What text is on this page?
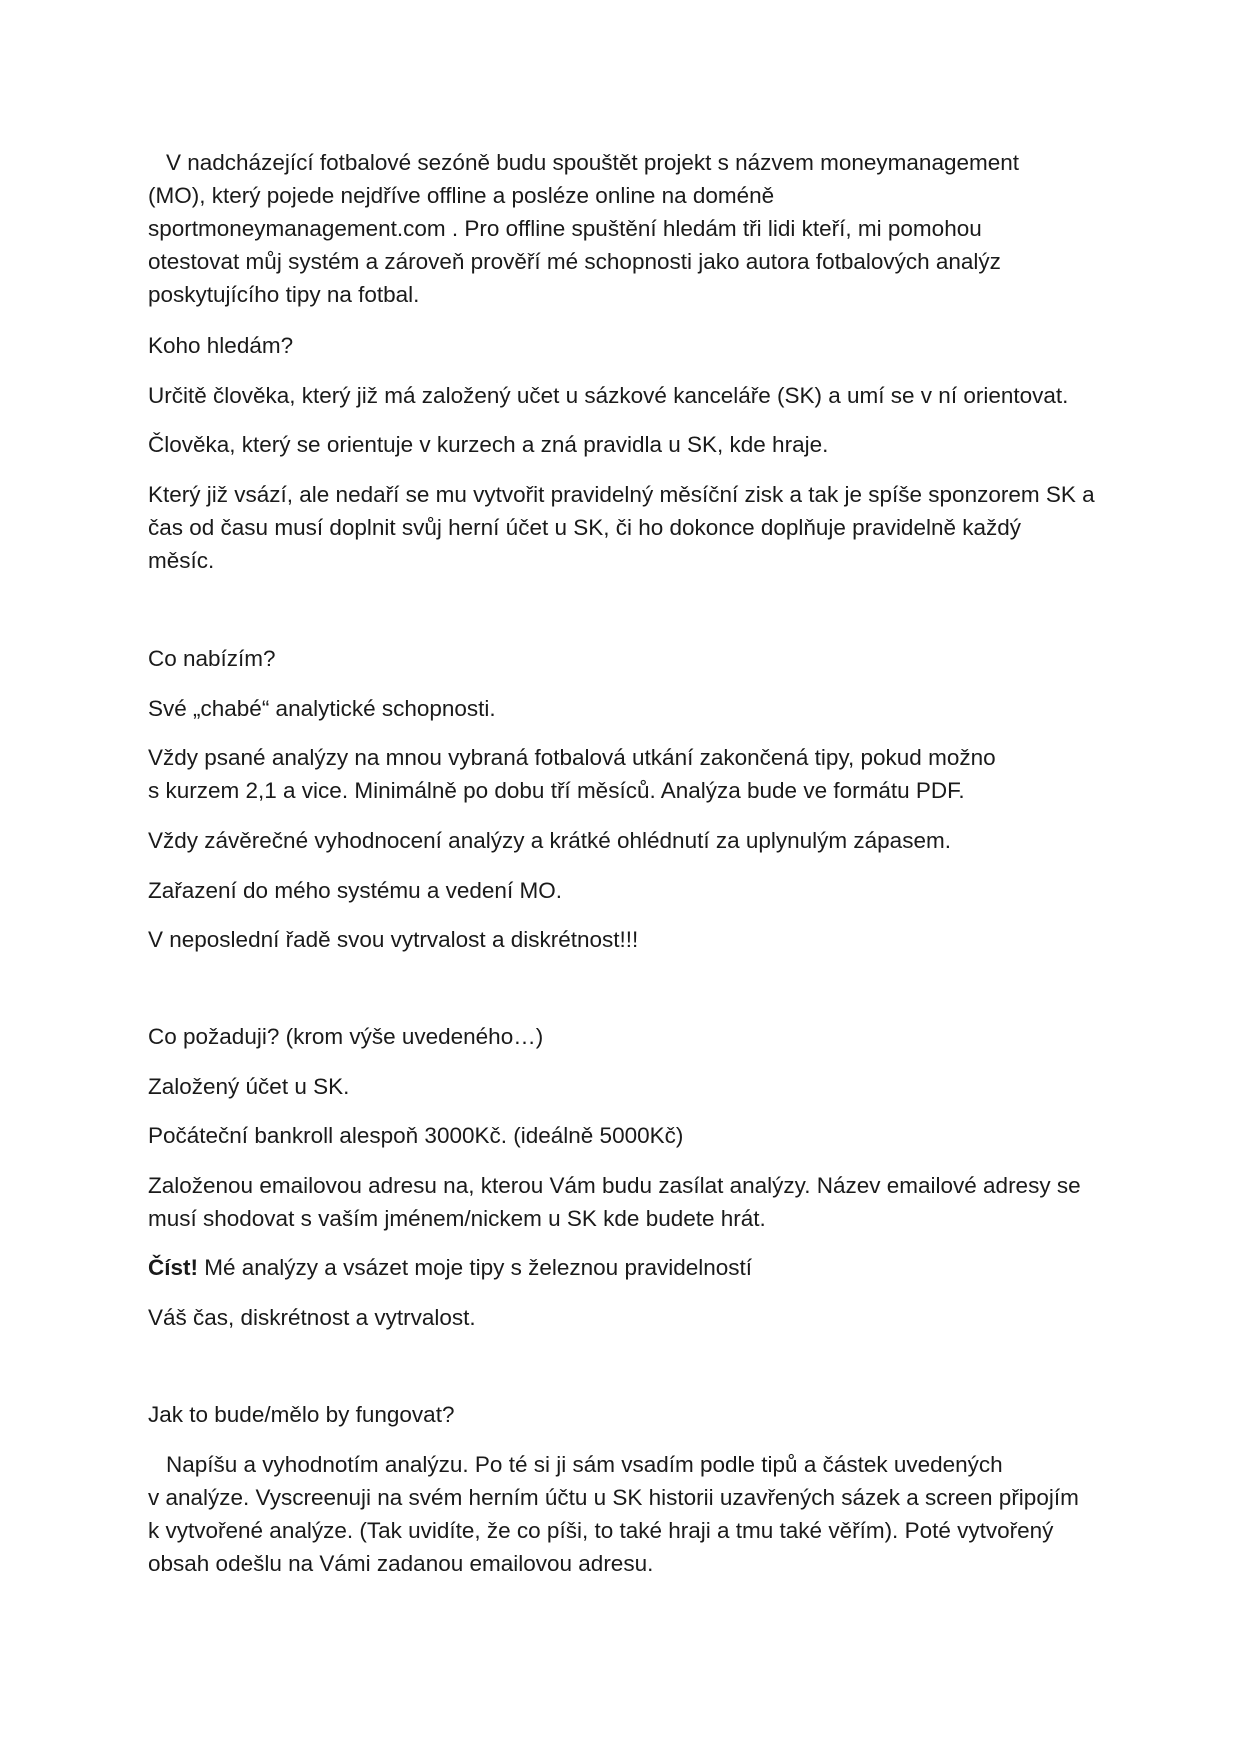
V nadcházející fotbalové sezóně budu spouštět projekt s názvem moneymanagement
(MO), který pojede nejdříve offline a posléze online na doméně
sportmoneymanagement.com . Pro offline spuštění hledám tři lidi kteří, mi pomohou
otestovat můj systém a zároveň prověří mé schopnosti jako autora fotbalových analýz
poskytujícího tipy na fotbal.

Koho hledám?

Určitě člověka, který již má založený učet u sázkové kanceláře (SK) a umí se v ní orientovat.

Člověka, který se orientuje v kurzech a zná pravidla u SK, kde hraje.

Který již vsází, ale nedaří se mu vytvořit pravidelný měsíční zisk a tak je spíše sponzorem SK a
čas od času musí doplnit svůj herní účet u SK, či ho dokonce doplňuje pravidelně každý
měsíc.

Co nabízím?

Své „chabé“ analytické schopnosti.

Vždy psané analýzy na mnou vybraná fotbalová utkání zakončená tipy, pokud možno
s kurzem 2,1 a vice. Minimálně po dobu tří měsíců. Analýza bude ve formátu PDF.

Vždy závěrečné vyhodnocení analýzy a krátké ohlédnutí za uplynulým zápasem.

Zařazení do mého systému a vedení MO.

V neposlední řadě svou vytrvalost a diskrétnost!!!

Co požaduji? (krom výše uvedeného…)

Založený účet u SK.

Počáteční bankroll alespoň 3000Kč. (ideálně 5000Kč)

Založenou emailovou adresu na, kterou Vám budu zasílat analýzy. Název emailové adresy se
musí shodovat s vaším jménem/nickem u SK kde budete hrát.

Číst! Mé analýzy a vsázet moje tipy s železnou pravidelností

Váš čas, diskrétnost a vytrvalost.

Jak to bude/mělo by fungovat?

Napíšu a vyhodnotím analýzu. Po té si ji sám vsadím podle tipů a částek uvedených
v analýze. Vyscreenuji na svém herním účtu u SK historii uzavřených sázek a screen připojím
k vytvořené analýze. (Tak uvidíte, že co píši, to také hraji a tmu také věřím). Poté vytvořený
obsah odešlu na Vámi zadanou emailovou adresu.
